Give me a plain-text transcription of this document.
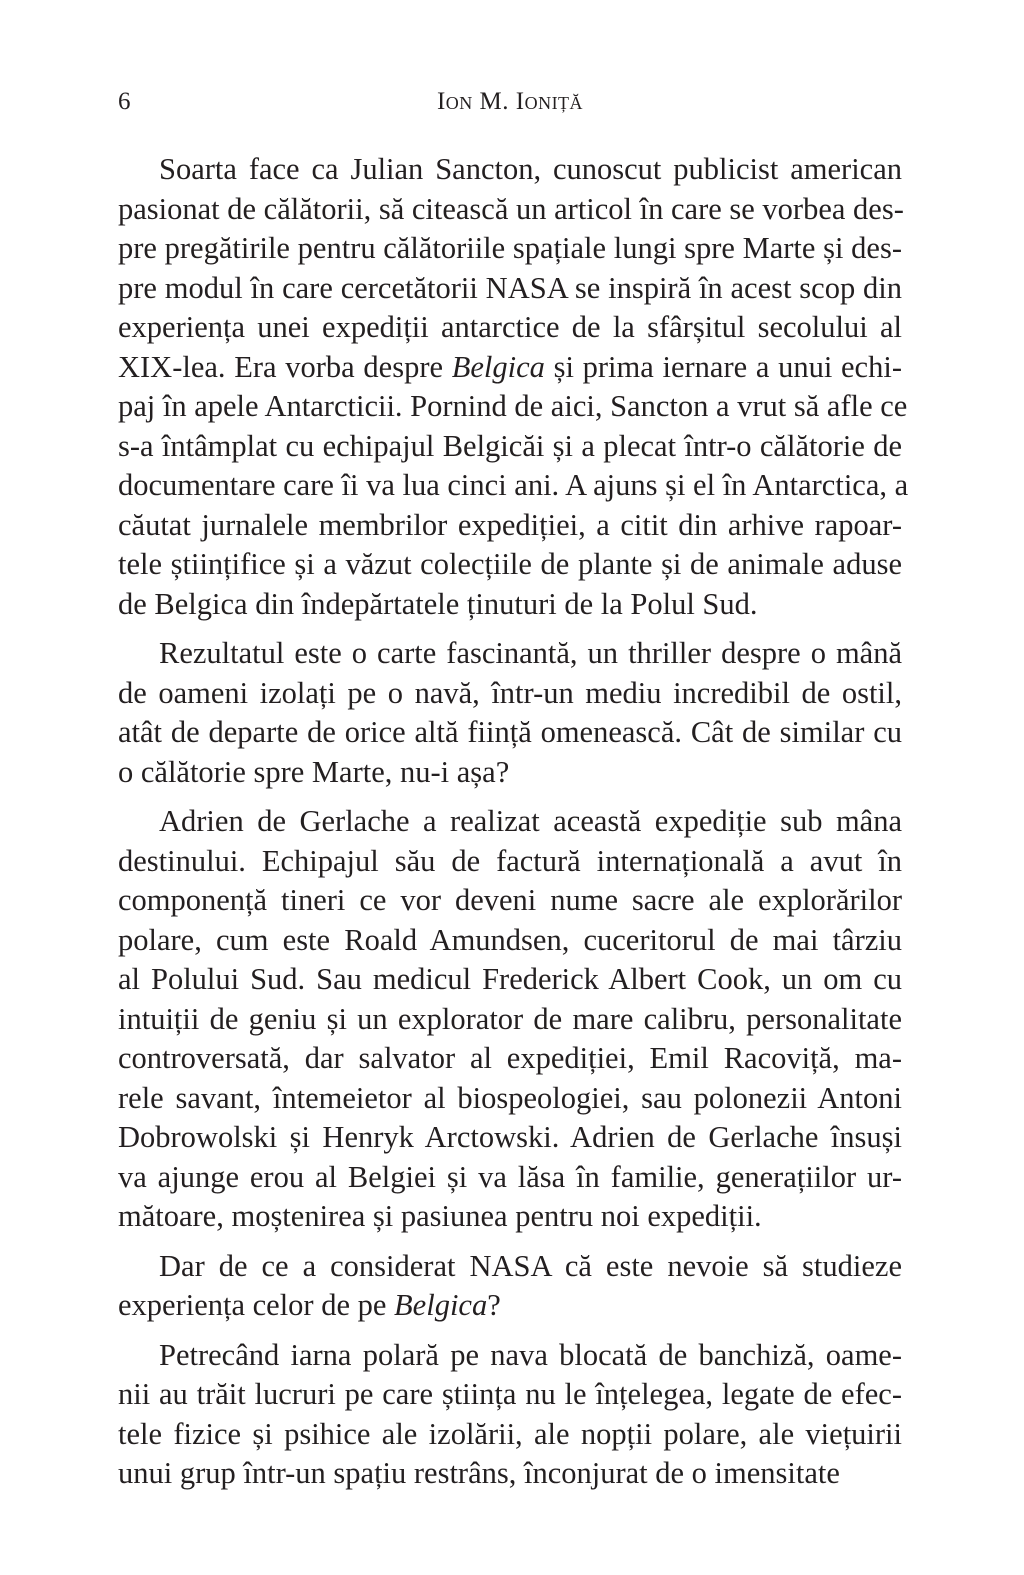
6	Ion M. Ioniță
Soarta face ca Julian Sancton, cunoscut publicist american
pasionat de călătorii, să citească un articol în care se vorbea des-
pre pregătirile pentru călătoriile spațiale lungi spre Marte și des-
pre modul în care cercetătorii NASA se inspiră în acest scop din
experiența unei expediții antarctice de la sfârșitul secolului al
XIX-lea. Era vorba despre Belgica și prima iernare a unui echi-
paj în apele Antarcticii. Pornind de aici, Sancton a vrut să afle ce
s-a întâmplat cu echipajul Belgicăi și a plecat într-o călătorie de
documentare care îi va lua cinci ani. A ajuns și el în Antarctica, a
căutat jurnalele membrilor expediției, a citit din arhive rapoar-
tele științifice și a văzut colecțiile de plante și de animale aduse
de Belgica din îndepărtatele ținuturi de la Polul Sud.
Rezultatul este o carte fascinantă, un thriller despre o mână
de oameni izolați pe o navă, într-un mediu incredibil de ostil,
atât de departe de orice altă ființă omenească. Cât de similar cu
o călătorie spre Marte, nu-i așa?
Adrien de Gerlache a realizat această expediție sub mâna
destinului. Echipajul său de factură internațională a avut în
componență tineri ce vor deveni nume sacre ale explorărilor
polare, cum este Roald Amundsen, cuceritorul de mai târziu
al Polului Sud. Sau medicul Frederick Albert Cook, un om cu
intuiții de geniu și un explorator de mare calibru, personalitate
controversată, dar salvator al expediției, Emil Racoviță, ma-
rele savant, întemeietor al biospeologiei, sau polonezii Antoni
Dobrowolski și Henryk Arctowski. Adrien de Gerlache însuși
va ajunge erou al Belgiei și va lăsa în familie, generațiilor ur-
mătoare, moștenirea și pasiunea pentru noi expediții.
Dar de ce a considerat NASA că este nevoie să studieze
experiența celor de pe Belgica?
Petrecând iarna polară pe nava blocată de banchiză, oame-
nii au trăit lucruri pe care știința nu le înțelegea, legate de efec-
tele fizice și psihice ale izolării, ale nopții polare, ale viețuirii
unui grup într-un spațiu restrâns, înconjurat de o imensitate
